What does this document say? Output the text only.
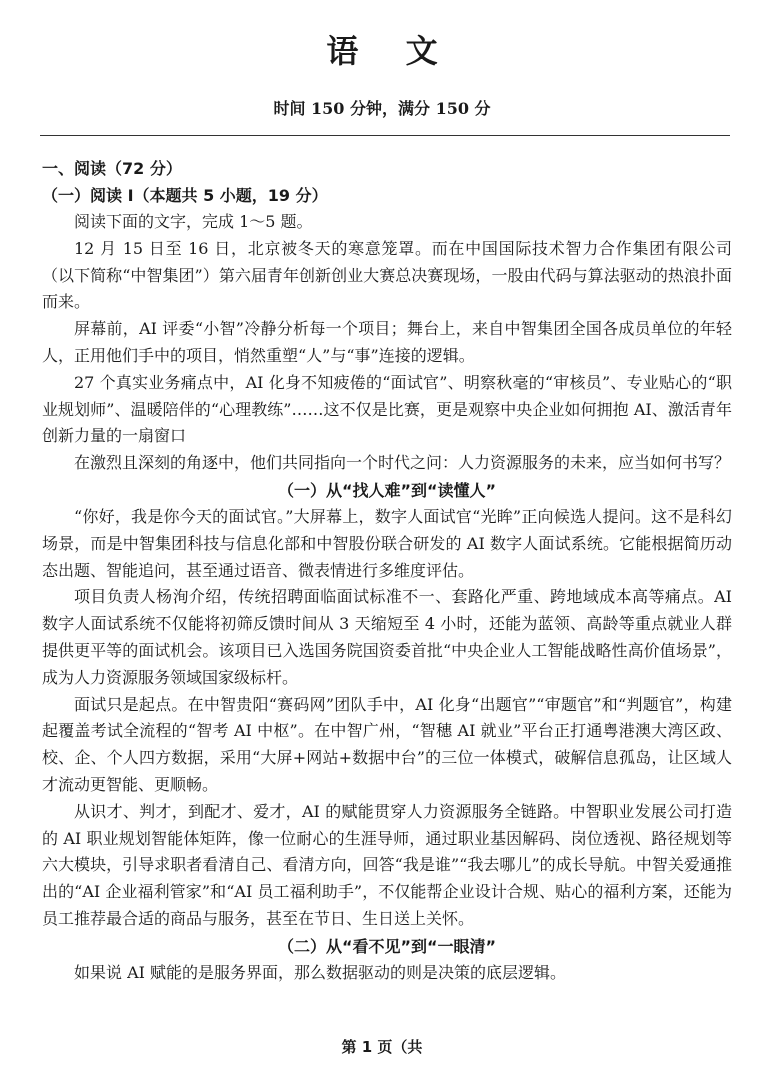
语 文
时间 150 分钟，满分 150 分
一、阅读（72 分）
（一）阅读 I（本题共 5 小题，19 分）

阅读下面的文字，完成 1～5 题。

12 月 15 日至 16 日，北京被冬天的寒意笼罩。而在中国国际技术智力合作集团有限公司（以下简称“中智集团”）第六届青年创新创业大赛总决赛现场，一股由代码与算法驱动的热浪扑面而来。

屏幕前，AI 评委“小智”冷静分析每一个项目；舞台上，来自中智集团全国各成员单位的年轻人，正用他们手中的项目，悄然重塑“人”与“事”连接的逻辑。

27 个真实业务痛点中，AI 化身不知疲倦的“面试官”、明察秋毫的“审核员”、专业贴心的“职业规划师”、温暖陪伴的“心理教练”……这不仅是比赛，更是观察中央企业如何拥抱 AI、激活青年创新力量的一扇窗口

在激烈且深刻的角逐中，他们共同指向一个时代之问：人力资源服务的未来，应当如何书写？

（一）从“找人难”到“读懂人”

“你好，我是你今天的面试官。”大屏幕上，数字人面试官“光眸”正向候选人提问。这不是科幻场景，而是中智集团科技与信息化部和中智股份联合研发的 AI 数字人面试系统。它能根据简历动态出题、智能追问，甚至通过语音、微表情进行多维度评估。

项目负责人杨洵介绍，传统招聘面临面试标准不一、套路化严重、跨地域成本高等痛点。AI 数字人面试系统不仅能将初筛反馈时间从 3 天缩短至 4 小时，还能为蓝领、高龄等重点就业人群提供更平等的面试机会。该项目已入选国务院国资委首批“中央企业人工智能战略性高价值场景”，成为人力资源服务领域国家级标杆。

面试只是起点。在中智贵阳“赛码网”团队手中，AI 化身“出题官”“审题官”和“判题官”，构建起覆盖考试全流程的“智考 AI 中枢”。在中智广州，“智穗 AI 就业”平台正打通粤港澳大湾区政、校、企、个人四方数据，采用“大屏+网站+数据中台”的三位一体模式，破解信息孤岛，让区域人才流动更智能、更顺畅。

从识才、判才，到配才、爱才，AI 的赋能贯穿人力资源服务全链路。中智职业发展公司打造的 AI 职业规划智能体矩阵，像一位耐心的生涯导师，通过职业基因解码、岗位透视、路径规划等六大模块，引导求职者看清自己、看清方向，回答“我是谁”“我去哪儿”的成长导航。中智关爱通推出的“AI 企业福利管家”和“AI 员工福利助手”，不仅能帮企业设计合规、贴心的福利方案，还能为员工推荐最合适的商品与服务，甚至在节日、生日送上关怀。

（二）从“看不见”到“一眼清”

如果说 AI 赋能的是服务界面，那么数据驱动的则是决策的底层逻辑。

第 1 页（共
